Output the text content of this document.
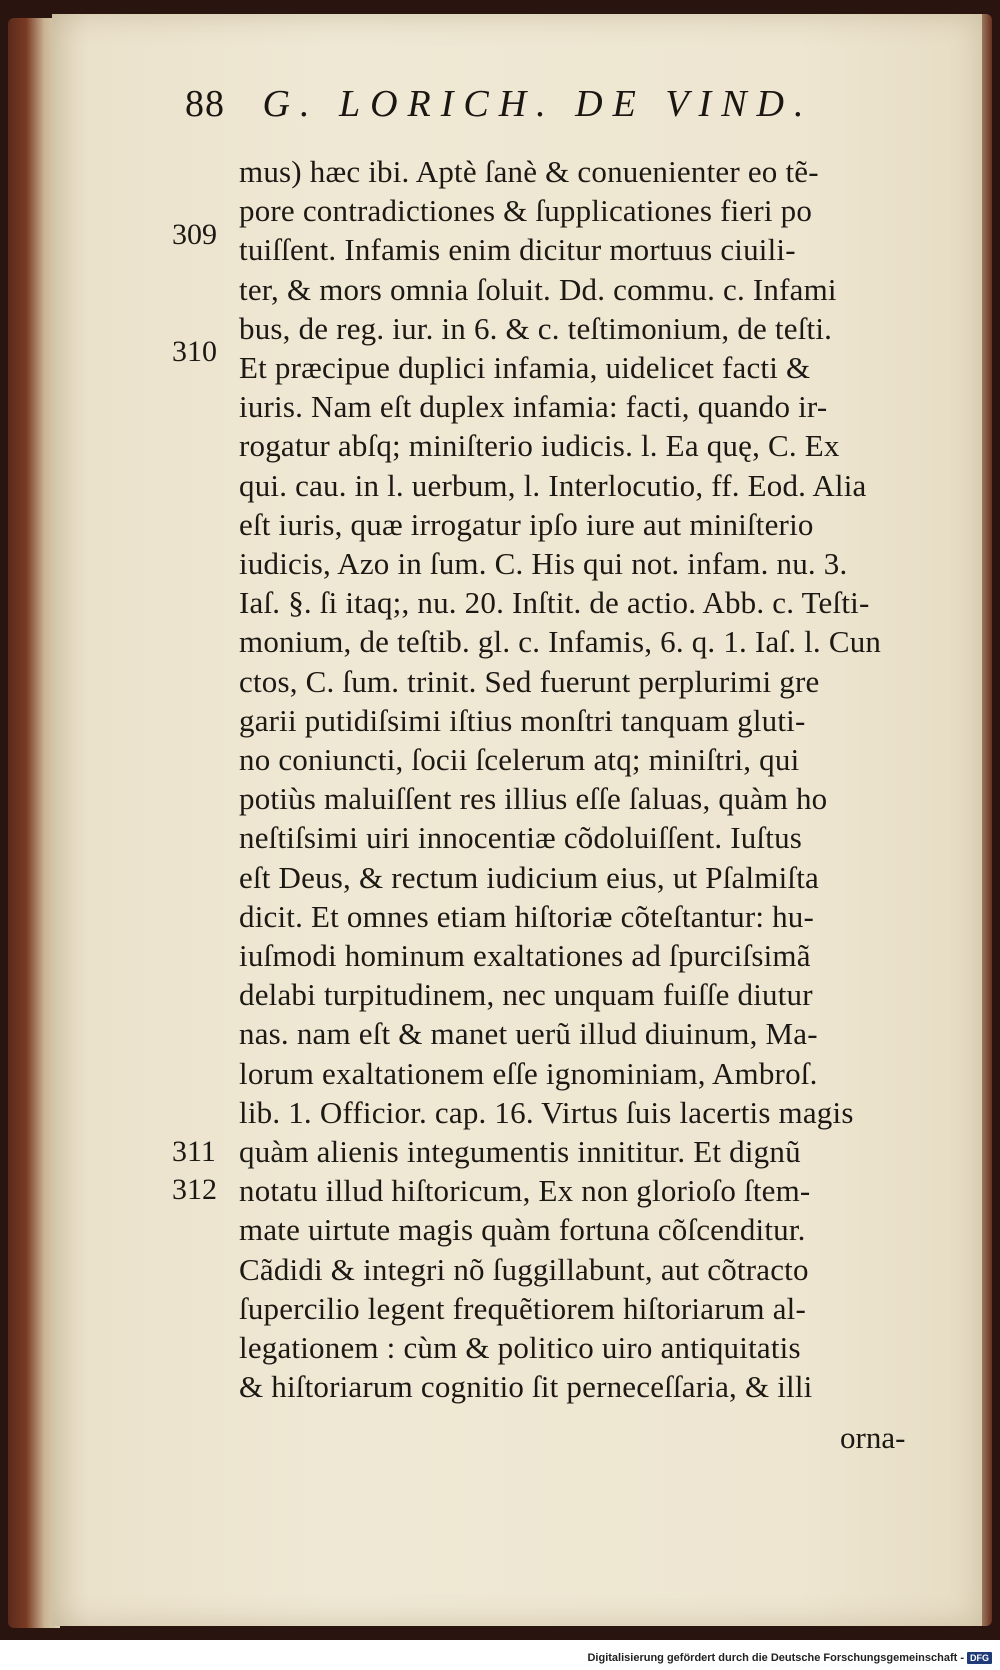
88 G. LORICH. DE VIND.
309
310
311
312
mus) hæc ibi. Aptè ſanè & conuenienter eo tẽ-
pore contradictiones & ſupplicationes fieri po
tuiſſent. Infamis enim dicitur mortuus ciuili-
ter, & mors omnia ſoluit. Dd. commu. c. Infami
bus, de reg. iur. in 6. & c. teſtimonium, de teſti.
Et præcipue duplici infamia, uidelicet facti &
iuris. Nam eſt duplex infamia: facti, quando ir-
rogatur abſq; miniſterio iudicis. l. Ea quę, C. Ex
qui. cau. in l. uerbum, l. Interlocutio, ff. Eod. Alia
eſt iuris, quæ irrogatur ipſo iure aut miniſterio
iudicis, Azo in ſum. C. His qui not. infam. nu. 3.
Iaſ. §. ſi itaq;, nu. 20. Inſtit. de actio. Abb. c. Teſti-
monium, de teſtib. gl. c. Infamis, 6. q. 1. Iaſ. l. Cun
ctos, C. ſum. trinit. Sed fuerunt perplurimi gre
garii putidiſsimi iſtius monſtri tanquam gluti-
no coniuncti, ſocii ſcelerum atq; miniſtri, qui
potiùs maluiſſent res illius eſſe ſaluas, quàm ho
neſtiſsimi uiri innocentiæ cõdoluiſſent. Iuſtus
eſt Deus, & rectum iudicium eius, ut Pſalmiſta
dicit. Et omnes etiam hiſtoriæ cõteſtantur: hu-
iuſmodi hominum exaltationes ad ſpurciſsimã
delabi turpitudinem, nec unquam fuiſſe diutur
nas. nam eſt & manet uerũ illud diuinum, Ma-
lorum exaltationem eſſe ignominiam, Ambroſ.
lib. 1. Officior. cap. 16. Virtus ſuis lacertis magis
quàm alienis integumentis innititur. Et dignũ
notatu illud hiſtoricum, Ex non glorioſo ſtem-
mate uirtute magis quàm fortuna cõſcenditur.
Cãdidi & integri nõ ſuggillabunt, aut cõtracto
ſupercilio legent frequẽtiorem hiſtoriarum al-
legationem : cùm & politico uiro antiquitatis
& hiſtoriarum cognitio ſit perneceſſaria, & illi
orna-
Digitalisierung gefördert durch die Deutsche Forschungsgemeinschaft - DFG
